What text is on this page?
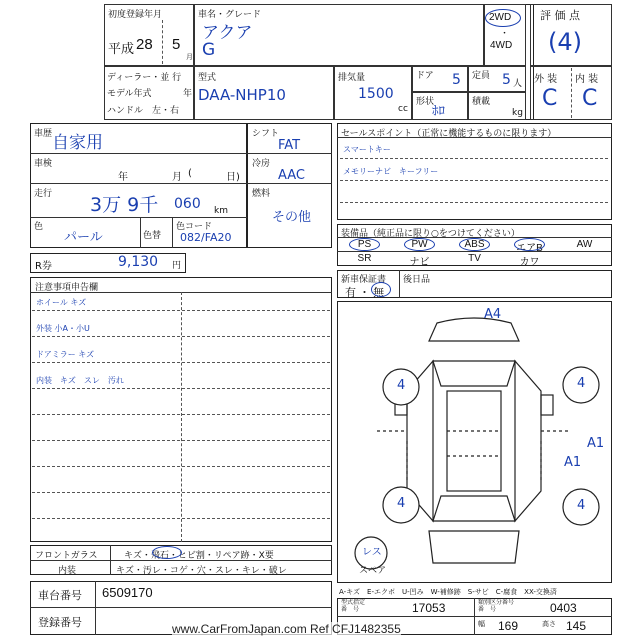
初度登録年月
平成 28 5
月
車名・グレード
アクア
G
2WD
・
4WD
評 価 点
(4)
ディーラー・並 行
モデル年式	年
ハンドル　左・右
型式
DAA-NHP10
排気量
1500
cc
ドア 5 定員 5 人
形状
ﾎﾛ
積載
kg
外 装 内 装
C C
車歴 自家用
車検
年	月 (	日)
走行 3万 9千 060 km
色
パール	色替
色コード
082/FA20
シフト
FAT
冷房
AAC
燃料
その他
R券	9,130 円
注意事項申告欄
ホイール キズ
外装 小A・小U
ドアミラー キズ
内装　キズ　スレ　汚れ
フロントガラス	キズ・飛石・ヒビ割・リペア跡・X要
内装	キズ・汚レ・コゲ・穴・スレ・キレ・破レ
車台番号 6509170
登録番号
セールスポイント（正常に機能するものに限ります）
スマートキー
メモリーナビ　キーフリー
装備品（純正品に限り○をつけてください）
PS	PW	ABS	エアB	AW
SR	ナビ	TV	カワ
新車保証書 後日品
有 ・ 無
A4
A1
A1
4	4
4	4
レス
スペア
A-キズ　E-エクボ　U-凹み　W-補修跡　S-サビ　C-腐食　XX-交換済
型式指定
番　号	17053	類別区分番号
番　号	0403
幅 169	高さ 145
www.CarFromJapan.com Ref CFJ1482355
